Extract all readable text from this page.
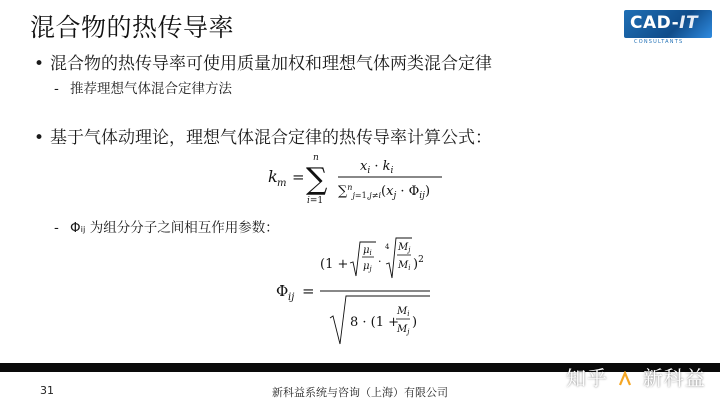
混合物的热传导率	CAD-IT
CONSULTANTS
• 混合物的热传导率可使用质量加权和理想气体两类混合定律
- 推荐理想气体混合定律方法
• 基于气体动理论，理想气体混合定律的热传导率计算公式：
k m = ∑
n
i=1
$x_i \cdot k_i$
$\sum^n_{j=1,j\ne i}(x_j \cdot \Phi_{ij})$
- Φᵢⱼ 为组分分子之间相互作用参数：
Φ ij =
(1 +
$\mu_i$
$\mu_j$
·
4 $M_j$
$M_i$ )$^2$
8 · (1 +
$M_i$
$M_j$
)
知乎 新科益
31	新科益系统与咨询（上海）有限公司
